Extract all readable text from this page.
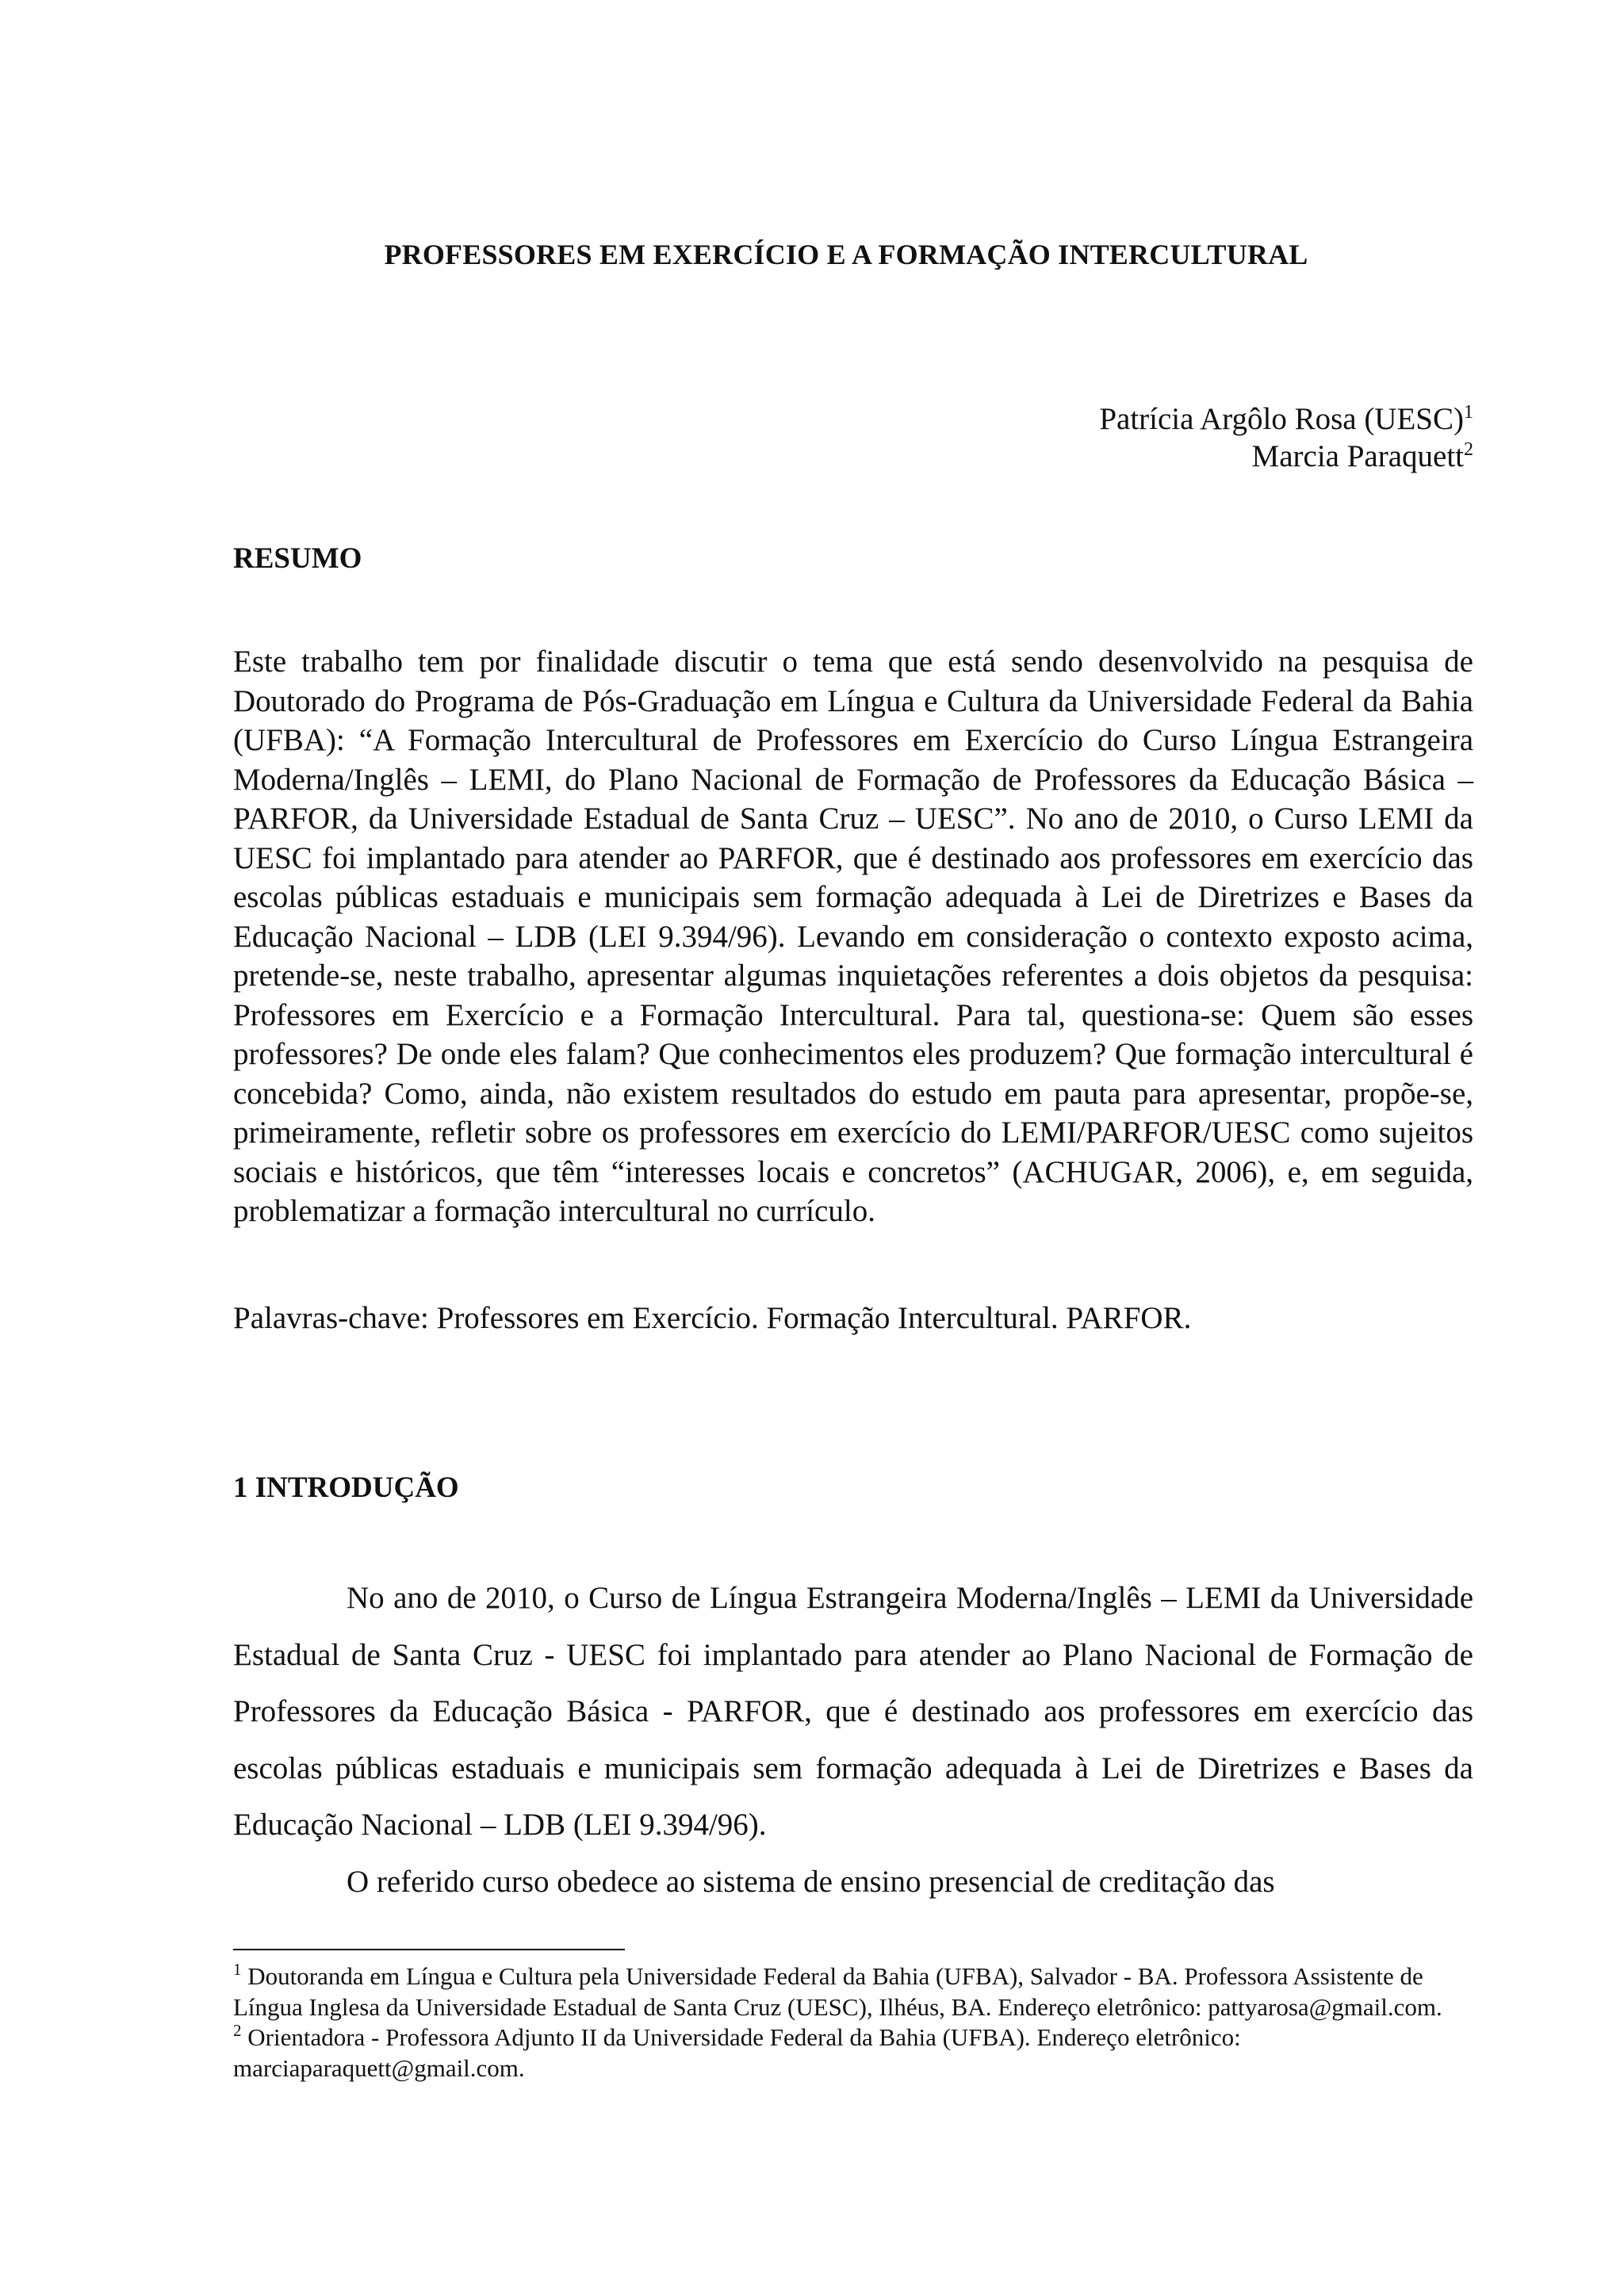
PROFESSORES EM EXERCÍCIO E A FORMAÇÃO INTERCULTURAL
Patrícia Argôlo Rosa (UESC)$^1$
Marcia Paraquett$^2$
RESUMO

Este trabalho tem por finalidade discutir o tema que está sendo desenvolvido na pesquisa de Doutorado do Programa de Pós-Graduação em Língua e Cultura da Universidade Federal da Bahia (UFBA): “A Formação Intercultural de Professores em Exercício do Curso Língua Estrangeira Moderna/Inglês – LEMI, do Plano Nacional de Formação de Professores da Educação Básica – PARFOR, da Universidade Estadual de Santa Cruz – UESC”. No ano de 2010, o Curso LEMI da UESC foi implantado para atender ao PARFOR, que é destinado aos professores em exercício das escolas públicas estaduais e municipais sem formação adequada à Lei de Diretrizes e Bases da Educação Nacional – LDB (LEI 9.394/96). Levando em consideração o contexto exposto acima, pretende-se, neste trabalho, apresentar algumas inquietações referentes a dois objetos da pesquisa: Professores em Exercício e a Formação Intercultural. Para tal, questiona-se: Quem são esses professores? De onde eles falam? Que conhecimentos eles produzem? Que formação intercultural é concebida? Como, ainda, não existem resultados do estudo em pauta para apresentar, propõe-se, primeiramente, refletir sobre os professores em exercício do LEMI/PARFOR/UESC como sujeitos sociais e históricos, que têm “interesses locais e concretos” (ACHUGAR, 2006), e, em seguida, problematizar a formação intercultural no currículo.

Palavras-chave: Professores em Exercício. Formação Intercultural. PARFOR.

1 INTRODUÇÃO

No ano de 2010, o Curso de Língua Estrangeira Moderna/Inglês – LEMI da Universidade Estadual de Santa Cruz - UESC foi implantado para atender ao Plano Nacional de Formação de Professores da Educação Básica - PARFOR, que é destinado aos professores em exercício das escolas públicas estaduais e municipais sem formação adequada à Lei de Diretrizes e Bases da Educação Nacional – LDB (LEI 9.394/96).

O referido curso obedece ao sistema de ensino presencial de creditação das

$^1$ Doutoranda em Língua e Cultura pela Universidade Federal da Bahia (UFBA), Salvador - BA. Professora Assistente de Língua Inglesa da Universidade Estadual de Santa Cruz (UESC), Ilhéus, BA. Endereço eletrônico: pattyarosa@gmail.com.

$^2$ Orientadora - Professora Adjunto II da Universidade Federal da Bahia (UFBA). Endereço eletrônico: marciaparaquett@gmail.com.
